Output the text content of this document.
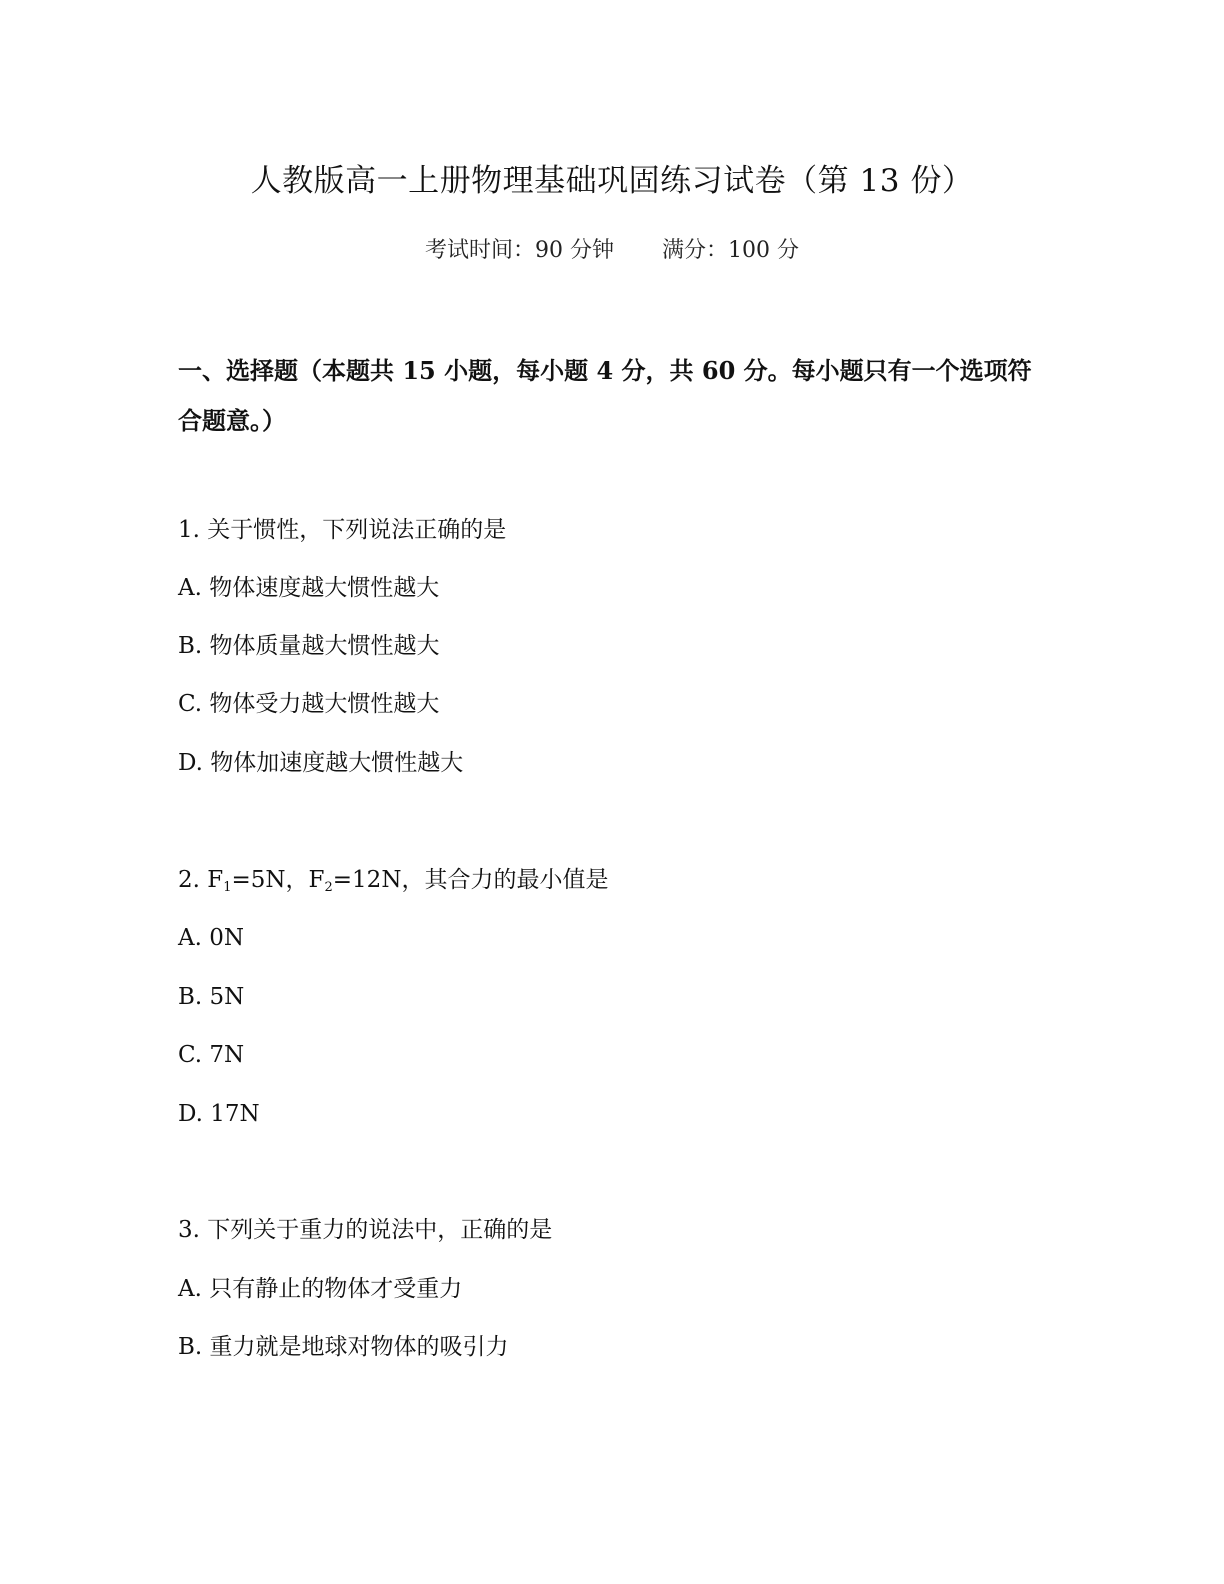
人教版高一上册物理基础巩固练习试卷（第 13 份）
考试时间：90 分钟 满分：100 分
一、选择题（本题共 15 小题，每小题 4 分，共 60 分。每小题只有一个选项符合题意。）
1. 关于惯性，下列说法正确的是
A. 物体速度越大惯性越大
B. 物体质量越大惯性越大
C. 物体受力越大惯性越大
D. 物体加速度越大惯性越大
2. $F_1=5N$，$F_2=12N$，其合力的最小值是
A. 0N
B. 5N
C. 7N
D. 17N
3. 下列关于重力的说法中，正确的是
A. 只有静止的物体才受重力
B. 重力就是地球对物体的吸引力
